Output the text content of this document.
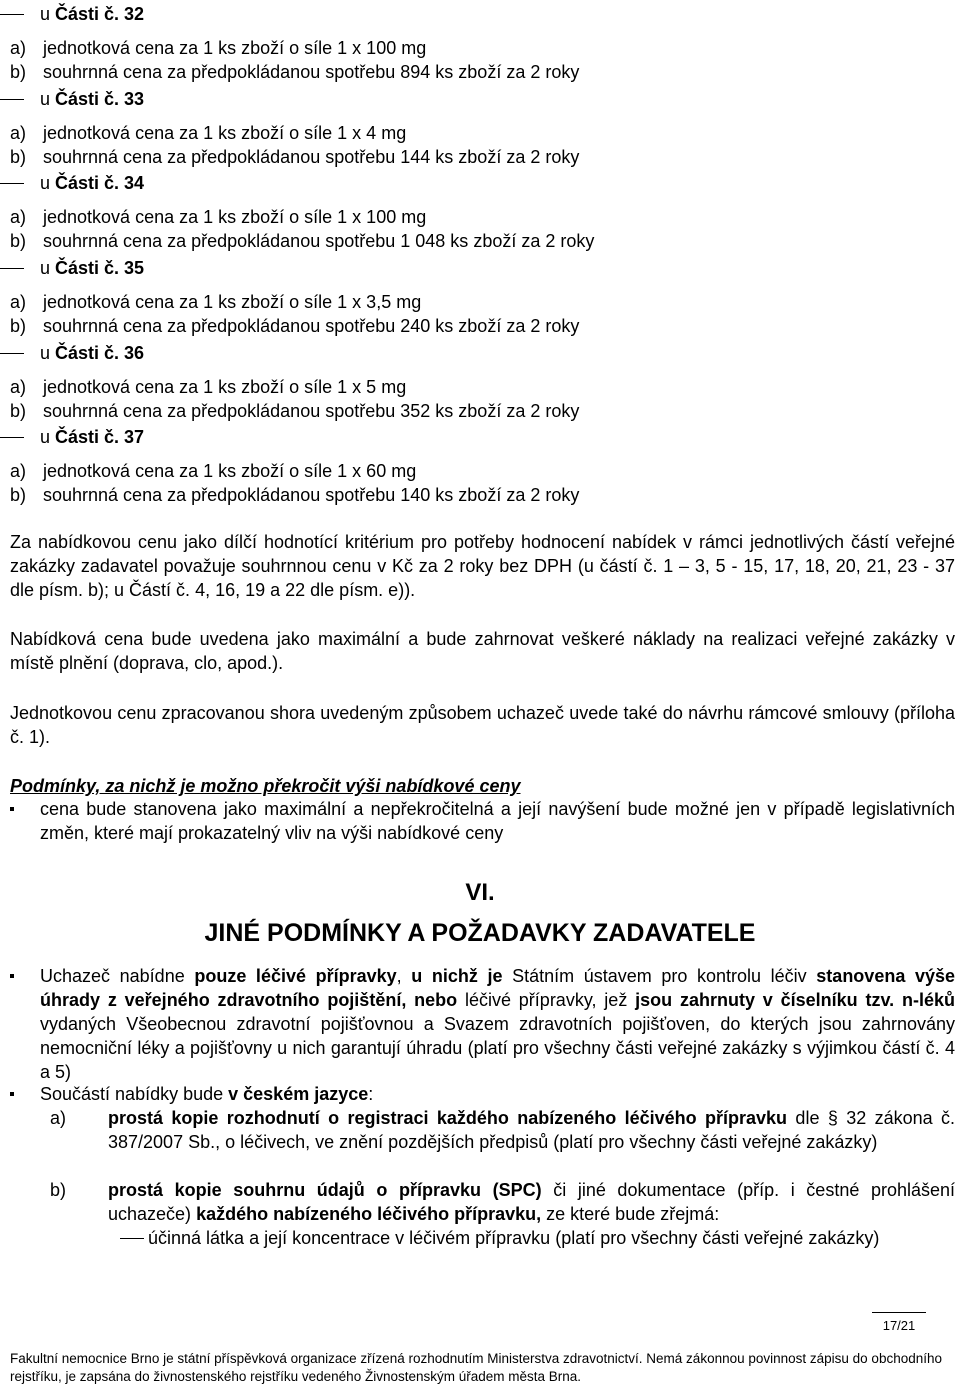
u Části č. 32
a) jednotková cena za 1 ks zboží o síle 1 x 100 mg
b) souhrnná cena za předpokládanou spotřebu 894 ks zboží za 2 roky
u Části č. 33
a) jednotková cena za 1 ks zboží o síle 1 x 4 mg
b) souhrnná cena za předpokládanou spotřebu 144 ks zboží za 2 roky
u Části č. 34
a) jednotková cena za 1 ks zboží o síle 1 x 100 mg
b) souhrnná cena za předpokládanou spotřebu 1 048 ks zboží za 2 roky
u Části č. 35
a) jednotková cena za 1 ks zboží o síle 1 x 3,5 mg
b) souhrnná cena za předpokládanou spotřebu 240 ks zboží za 2 roky
u Části č. 36
a) jednotková cena za 1 ks zboží o síle 1 x 5 mg
b) souhrnná cena za předpokládanou spotřebu 352 ks zboží za 2 roky
u Části č. 37
a) jednotková cena za 1 ks zboží o síle 1 x 60 mg
b) souhrnná cena za předpokládanou spotřebu 140 ks zboží za 2 roky
Za nabídkovou cenu jako dílčí hodnotící kritérium pro potřeby hodnocení nabídek v rámci jednotlivých částí veřejné zakázky zadavatel považuje souhrnnou cenu v Kč za 2 roky bez DPH (u částí č. 1 – 3, 5 - 15, 17, 18, 20, 21, 23 - 37 dle písm. b); u Částí č. 4, 16, 19 a 22 dle písm. e)).
Nabídková cena bude uvedena jako maximální a bude zahrnovat veškeré náklady na realizaci veřejné zakázky v místě plnění (doprava, clo, apod.).
Jednotkovou cenu zpracovanou shora uvedeným způsobem uchazeč uvede také do návrhu rámcové smlouvy (příloha č. 1).
Podmínky, za nichž je možno překročit výši nabídkové ceny
cena bude stanovena jako maximální a nepřekročitelná a její navýšení bude možné jen v případě legislativních změn, které mají prokazatelný vliv na výši nabídkové ceny
VI.
JINÉ PODMÍNKY A POŽADAVKY ZADAVATELE
Uchazeč nabídne pouze léčivé přípravky, u nichž je Státním ústavem pro kontrolu léčiv stanovena výše úhrady z veřejného zdravotního pojištění, nebo léčivé přípravky, jež jsou zahrnuty v číselníku tzv. n-léků vydaných Všeobecnou zdravotní pojišťovnou a Svazem zdravotních pojišťoven, do kterých jsou zahrnovány nemocniční léky a pojišťovny u nich garantují úhradu (platí pro všechny části veřejné zakázky s výjimkou částí č. 4 a 5)
Součástí nabídky bude v českém jazyce:
a) prostá kopie rozhodnutí o registraci každého nabízeného léčivého přípravku dle § 32 zákona č. 387/2007 Sb., o léčivech, ve znění pozdějších předpisů (platí pro všechny části veřejné zakázky)
b) prostá kopie souhrnu údajů o přípravku (SPC) či jiné dokumentace (příp. i čestné prohlášení uchazeče) každého nabízeného léčivého přípravku, ze které bude zřejmá:
účinná látka a její koncentrace v léčivém přípravku (platí pro všechny části veřejné zakázky)
17/21
Fakultní nemocnice Brno je státní příspěvková organizace zřízená rozhodnutím Ministerstva zdravotnictví. Nemá zákonnou povinnost zápisu do obchodního rejstříku, je zapsána do živnostenského rejstříku vedeného Živnostenským úřadem města Brna.
